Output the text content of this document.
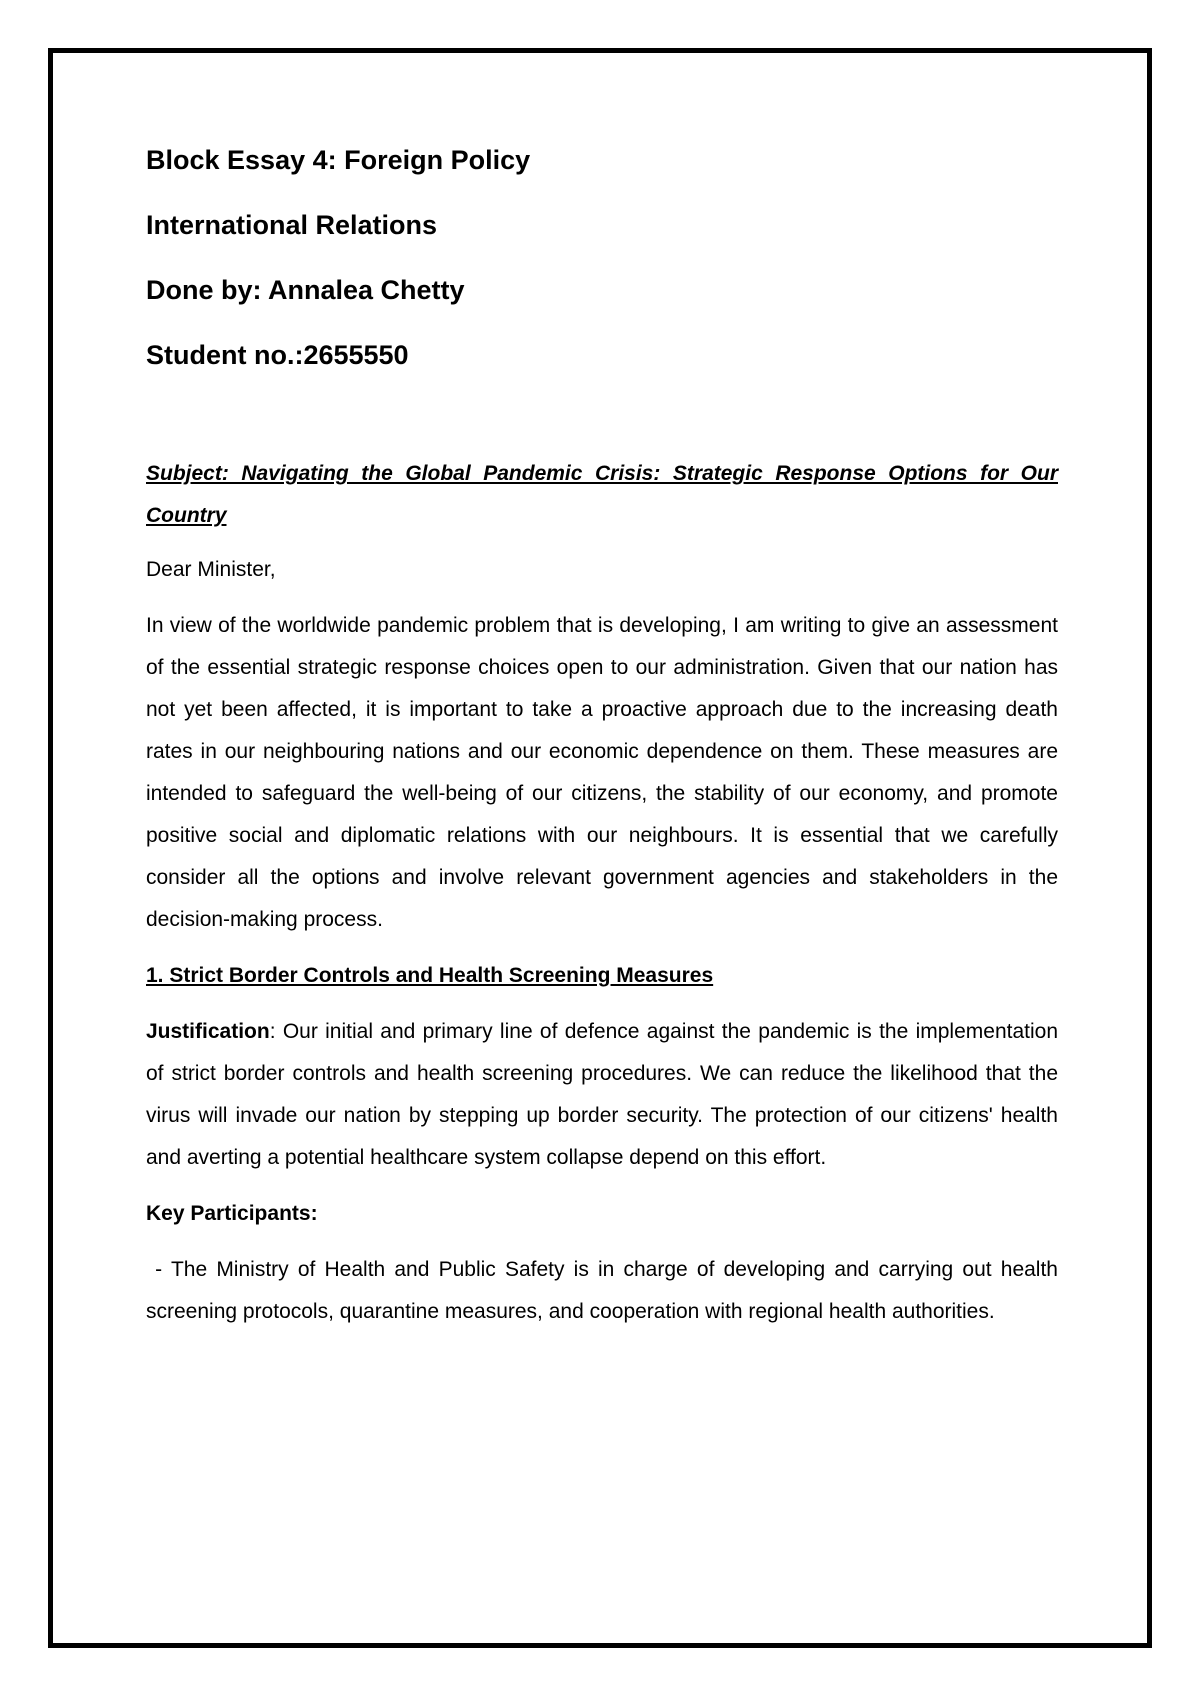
Block Essay 4: Foreign Policy
International Relations
Done by: Annalea Chetty
Student no.:2655550
Subject: Navigating the Global Pandemic Crisis: Strategic Response Options for Our Country

Dear Minister,

In view of the worldwide pandemic problem that is developing, I am writing to give an assessment of the essential strategic response choices open to our administration. Given that our nation has not yet been affected, it is important to take a proactive approach due to the increasing death rates in our neighbouring nations and our economic dependence on them. These measures are intended to safeguard the well-being of our citizens, the stability of our economy, and promote positive social and diplomatic relations with our neighbours. It is essential that we carefully consider all the options and involve relevant government agencies and stakeholders in the decision-making process.

1. Strict Border Controls and Health Screening Measures

Justification: Our initial and primary line of defence against the pandemic is the implementation of strict border controls and health screening procedures. We can reduce the likelihood that the virus will invade our nation by stepping up border security. The protection of our citizens' health and averting a potential healthcare system collapse depend on this effort.

Key Participants:

- The Ministry of Health and Public Safety is in charge of developing and carrying out health screening protocols, quarantine measures, and cooperation with regional health authorities.
